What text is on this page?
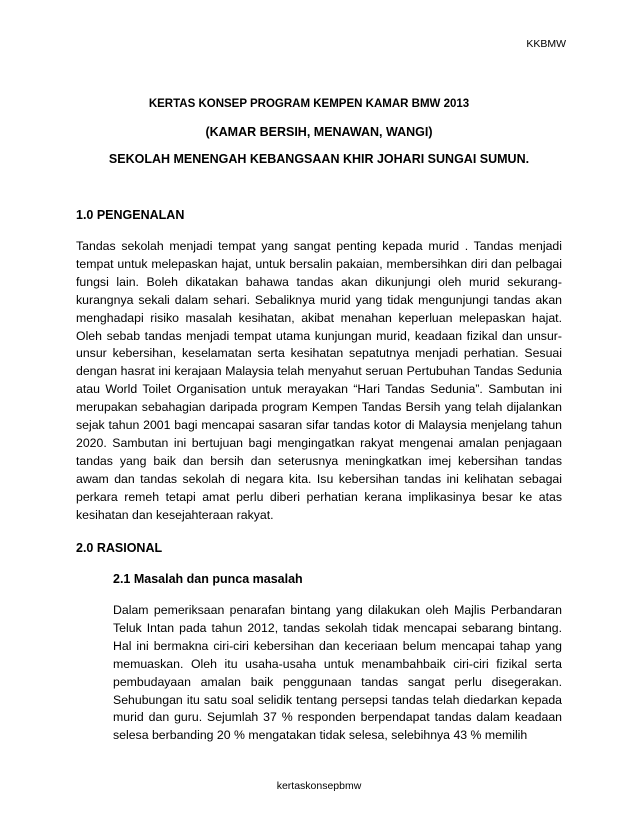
KKBMW
KERTAS KONSEP PROGRAM KEMPEN KAMAR BMW 2013
(KAMAR BERSIH, MENAWAN, WANGI)
SEKOLAH MENENGAH KEBANGSAAN KHIR JOHARI SUNGAI SUMUN.
1.0 PENGENALAN
Tandas sekolah menjadi tempat yang sangat penting kepada murid . Tandas menjadi tempat untuk melepaskan hajat, untuk bersalin pakaian, membersihkan diri dan pelbagai fungsi lain. Boleh dikatakan bahawa tandas akan dikunjungi oleh murid sekurang-kurangnya sekali dalam sehari. Sebaliknya murid yang tidak mengunjungi tandas akan menghadapi risiko masalah kesihatan, akibat menahan keperluan melepaskan hajat. Oleh sebab tandas menjadi tempat utama kunjungan murid, keadaan fizikal dan unsur-unsur kebersihan, keselamatan serta kesihatan sepatutnya menjadi perhatian. Sesuai dengan hasrat ini kerajaan Malaysia telah menyahut seruan Pertubuhan Tandas Sedunia atau World Toilet Organisation untuk merayakan “Hari Tandas Sedunia”. Sambutan ini merupakan sebahagian daripada program Kempen Tandas Bersih yang telah dijalankan sejak tahun 2001 bagi mencapai sasaran sifar tandas kotor di Malaysia menjelang tahun 2020. Sambutan ini bertujuan bagi mengingatkan rakyat mengenai amalan penjagaan tandas yang baik dan bersih dan seterusnya meningkatkan imej kebersihan tandas awam dan tandas sekolah di negara kita. Isu kebersihan tandas ini kelihatan sebagai perkara remeh tetapi amat perlu diberi perhatian kerana implikasinya besar ke atas kesihatan dan kesejahteraan rakyat.
2.0 RASIONAL
2.1 Masalah dan punca masalah
Dalam pemeriksaan penarafan bintang yang dilakukan oleh Majlis Perbandaran Teluk Intan pada tahun 2012, tandas sekolah tidak mencapai sebarang bintang. Hal ini bermakna ciri-ciri kebersihan dan keceriaan belum mencapai tahap yang memuaskan. Oleh itu usaha-usaha untuk menambahbaik ciri-ciri fizikal serta pembudayaan amalan baik penggunaan tandas sangat perlu disegerakan. Sehubungan itu satu soal selidik tentang persepsi tandas telah diedarkan kepada murid dan guru. Sejumlah 37 % responden berpendapat tandas dalam keadaan selesa berbanding 20 % mengatakan tidak selesa, selebihnya 43 % memilih
kertaskonsepbmw
